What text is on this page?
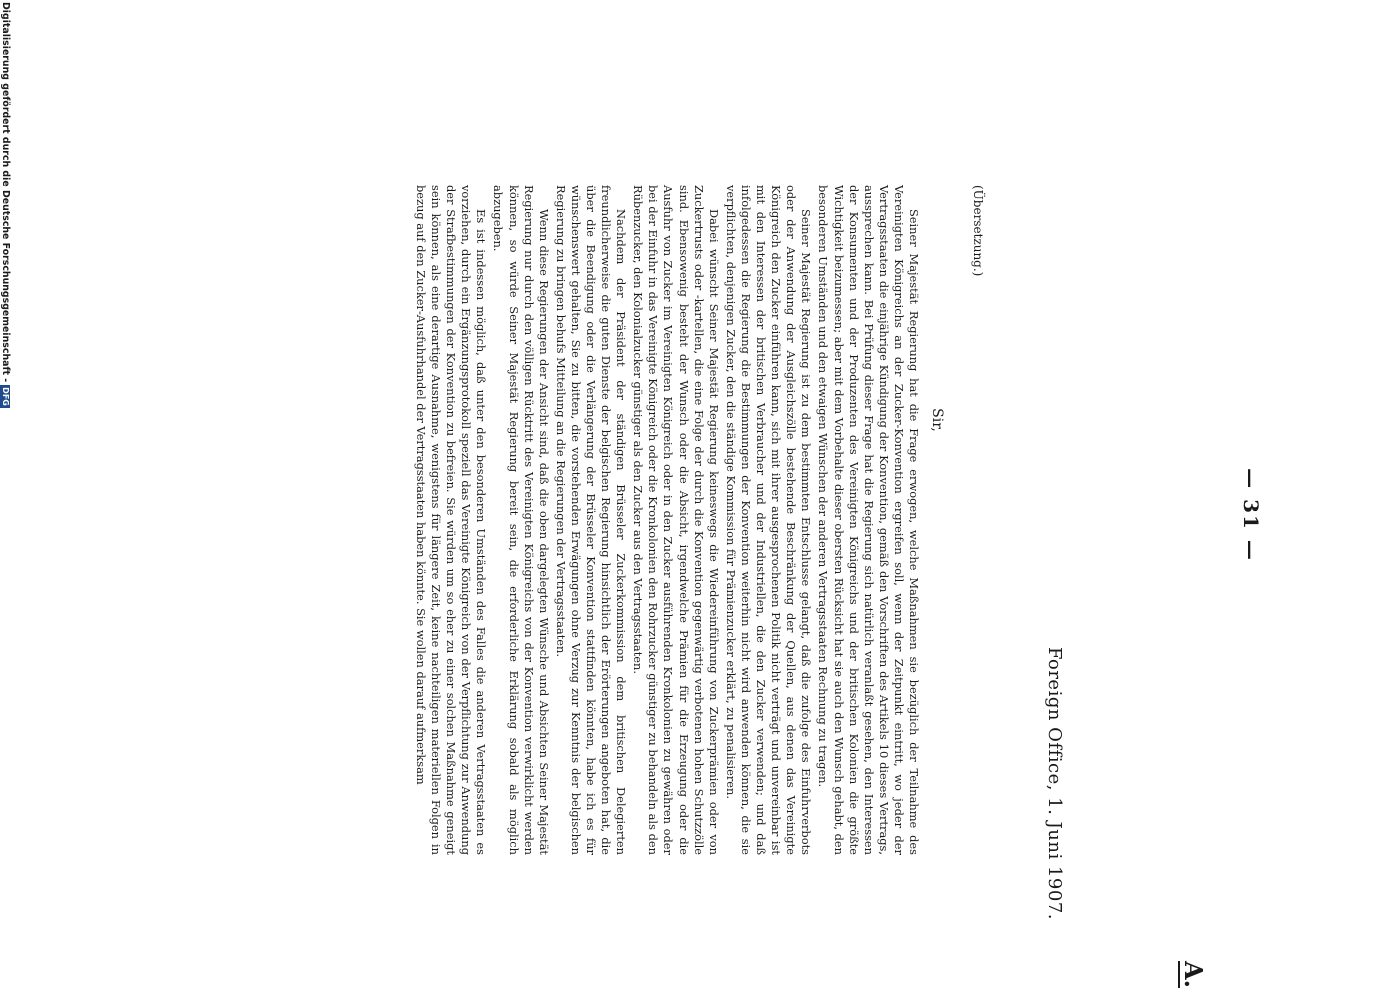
A.
— 31 —
Foreign Office, 1. Juni 1907.
(Übersetzung.)
Sir,

Seiner Majestät Regierung hat die Frage erwogen, welche Maßnahmen sie bezüglich der Teilnahme des Vereinigten Königreichs an der Zucker-Konvention ergreifen soll, wenn der Zeitpunkt eintritt, wo jeder der Vertragsstaaten die einjährige Kündigung der Konvention, gemäß den Vorschriften des Artikels 10 dieses Vertrags, aussprechen kann. Bei Prüfung dieser Frage hat die Regierung sich natürlich veranlaßt gesehen, den Interessen der Konsumenten und der Produzenten des Vereinigten Königreichs und der britischen Kolonien die größte Wichtigkeit beizumessen; aber mit dem Vorbehalte dieser obersten Rücksicht hat sie auch den Wunsch gehabt, den besonderen Umständen und den etwaigen Wünschen der anderen Vertragsstaaten Rechnung zu tragen.

Seiner Majestät Regierung ist zu dem bestimmten Entschlusse gelangt, daß die zufolge des Einfuhrverbots oder der Anwendung der Ausgleichszölle bestehende Beschränkung der Quellen, aus denen das Vereinigte Königreich den Zucker einführen kann, sich mit ihrer ausgesprochenen Politik nicht verträgt und unvereinbar ist mit den Interessen der britischen Verbraucher und der Industriellen, die den Zucker verwenden; und daß infolgedessen die Regierung die Bestimmungen der Konvention weiterhin nicht wird anwenden können, die sie verpflichten, denjenigen Zucker, den die ständige Kommission für Prämienzucker erklärt, zu penalisieren.

Dabei wünscht Seiner Majestät Regierung keineswegs die Wiedereinführung von Zuckerprämien oder von Zuckertrusts oder -kartellen, die eine Folge der durch die Konvention gegenwärtig verbotenen hohen Schutzzölle sind. Ebensowenig besteht der Wunsch oder die Absicht, irgendwelche Prämien für die Erzeugung oder die Ausfuhr von Zucker im Vereinigten Königreich oder in den Zucker ausführenden Kronkolonien zu gewähren oder bei der Einfuhr in das Vereinigte Königreich oder die Kronkolonien den Rohrzucker günstiger zu behandeln als den Rübenzucker, den Kolonialzucker günstiger als den Zucker aus den Vertragsstaaten.

Nachdem der Präsident der ständigen Brüsseler Zuckerkommission dem britischen Delegierten freundlicherweise die guten Dienste der belgischen Regierung hinsichtlich der Erörterungen angeboten hat, die über die Beendigung oder die Verlängerung der Brüsseler Konvention stattfinden könnten, habe ich es für wünschenswert gehalten, Sie zu bitten, die vorstehenden Erwägungen ohne Verzug zur Kenntnis der belgischen Regierung zu bringen behufs Mitteilung an die Regierungen der Vertragsstaaten.

Wenn diese Regierungen der Ansicht sind, daß die oben dargelegten Wünsche und Absichten Seiner Majestät Regierung nur durch den völligen Rücktritt des Vereinigten Königreichs von der Konvention verwirklicht werden können, so würde Seiner Majestät Regierung bereit sein, die erforderliche Erklärung sobald als möglich abzugeben.

Es ist indessen möglich, daß unter den besonderen Umständen des Falles die anderen Vertragsstaaten es vorziehen, durch ein Ergänzungsprotokoll speziell das Vereinigte Königreich von der Verpflichtung zur Anwendung der Strafbestimmungen der Konvention zu befreien. Sie würden um so eher zu einer solchen Maßnahme geneigt sein können, als eine derartige Ausnahme, wenigstens für längere Zeit, keine nachteiligen materiellen Folgen in bezug auf den Zucker-Ausfuhrhandel der Vertragsstaaten haben könnte. Sie wollen darauf aufmerksam

Digitalisierung gefördert durch die Deutsche Forschungsgemeinschaft -
DFG
